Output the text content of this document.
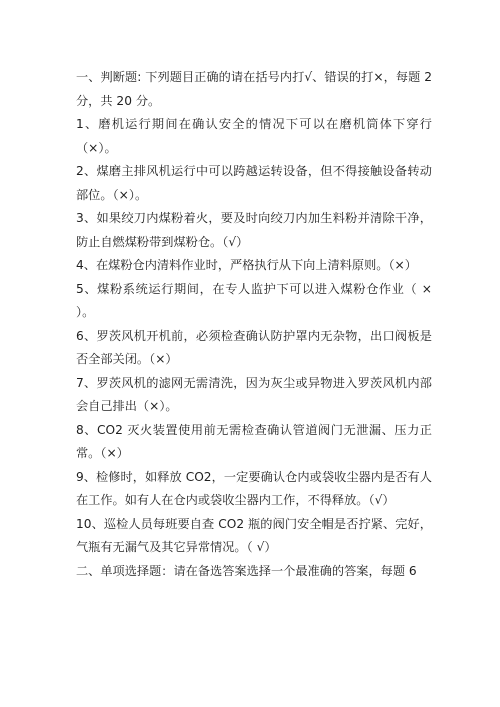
一、判断题: 下列题目正确的请在括号内打√、错误的打×，每题 2 分，共 20 分。

1、磨机运行期间在确认安全的情况下可以在磨机筒体下穿行（×）。

2、煤磨主排风机运行中可以跨越运转设备，但不得接触设备转动部位。（×）。

3、如果绞刀内煤粉着火，要及时向绞刀内加生料粉并清除干净，防止自燃煤粉带到煤粉仓。（√）

4、在煤粉仓内清料作业时，严格执行从下向上清料原则。（×）

5、煤粉系统运行期间，在专人监护下可以进入煤粉仓作业（ × ）。

6、罗茨风机开机前，必须检查确认防护罩内无杂物，出口阀板是否全部关闭。（×）

7、罗茨风机的滤网无需清洗，因为灰尘或异物进入罗茨风机内部会自己排出（×）。

8、CO2 灭火装置使用前无需检查确认管道阀门无泄漏、压力正常。（×）

9、检修时，如释放 CO2，一定要确认仓内或袋收尘器内是否有人在工作。如有人在仓内或袋收尘器内工作，不得释放。（√）

10、巡检人员每班要自查 CO2 瓶的阀门安全帽是否拧紧、完好，气瓶有无漏气及其它异常情况。（ √）

二、单项选择题：请在备选答案选择一个最准确的答案，每题 6
